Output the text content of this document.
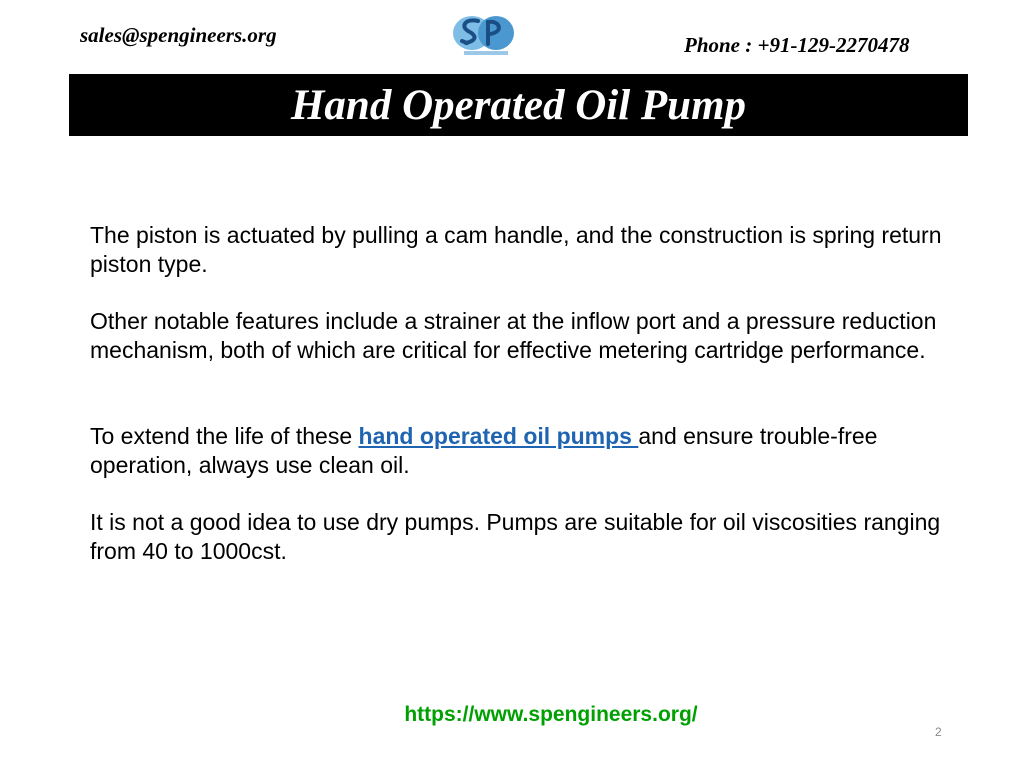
sales@spengineers.org	Phone : +91-129-2270478
Hand Operated Oil Pump

The piston is actuated by pulling a cam handle, and the construction is spring return piston type.

Other notable features include a strainer at the inflow port and a pressure reduction mechanism, both of which are critical for effective metering cartridge performance.

To extend the life of these hand operated oil pumps and ensure trouble-free operation, always use clean oil.

It is not a good idea to use dry pumps. Pumps are suitable for oil viscosities ranging from 40 to 1000cst.

https://www.spengineers.org/
2
